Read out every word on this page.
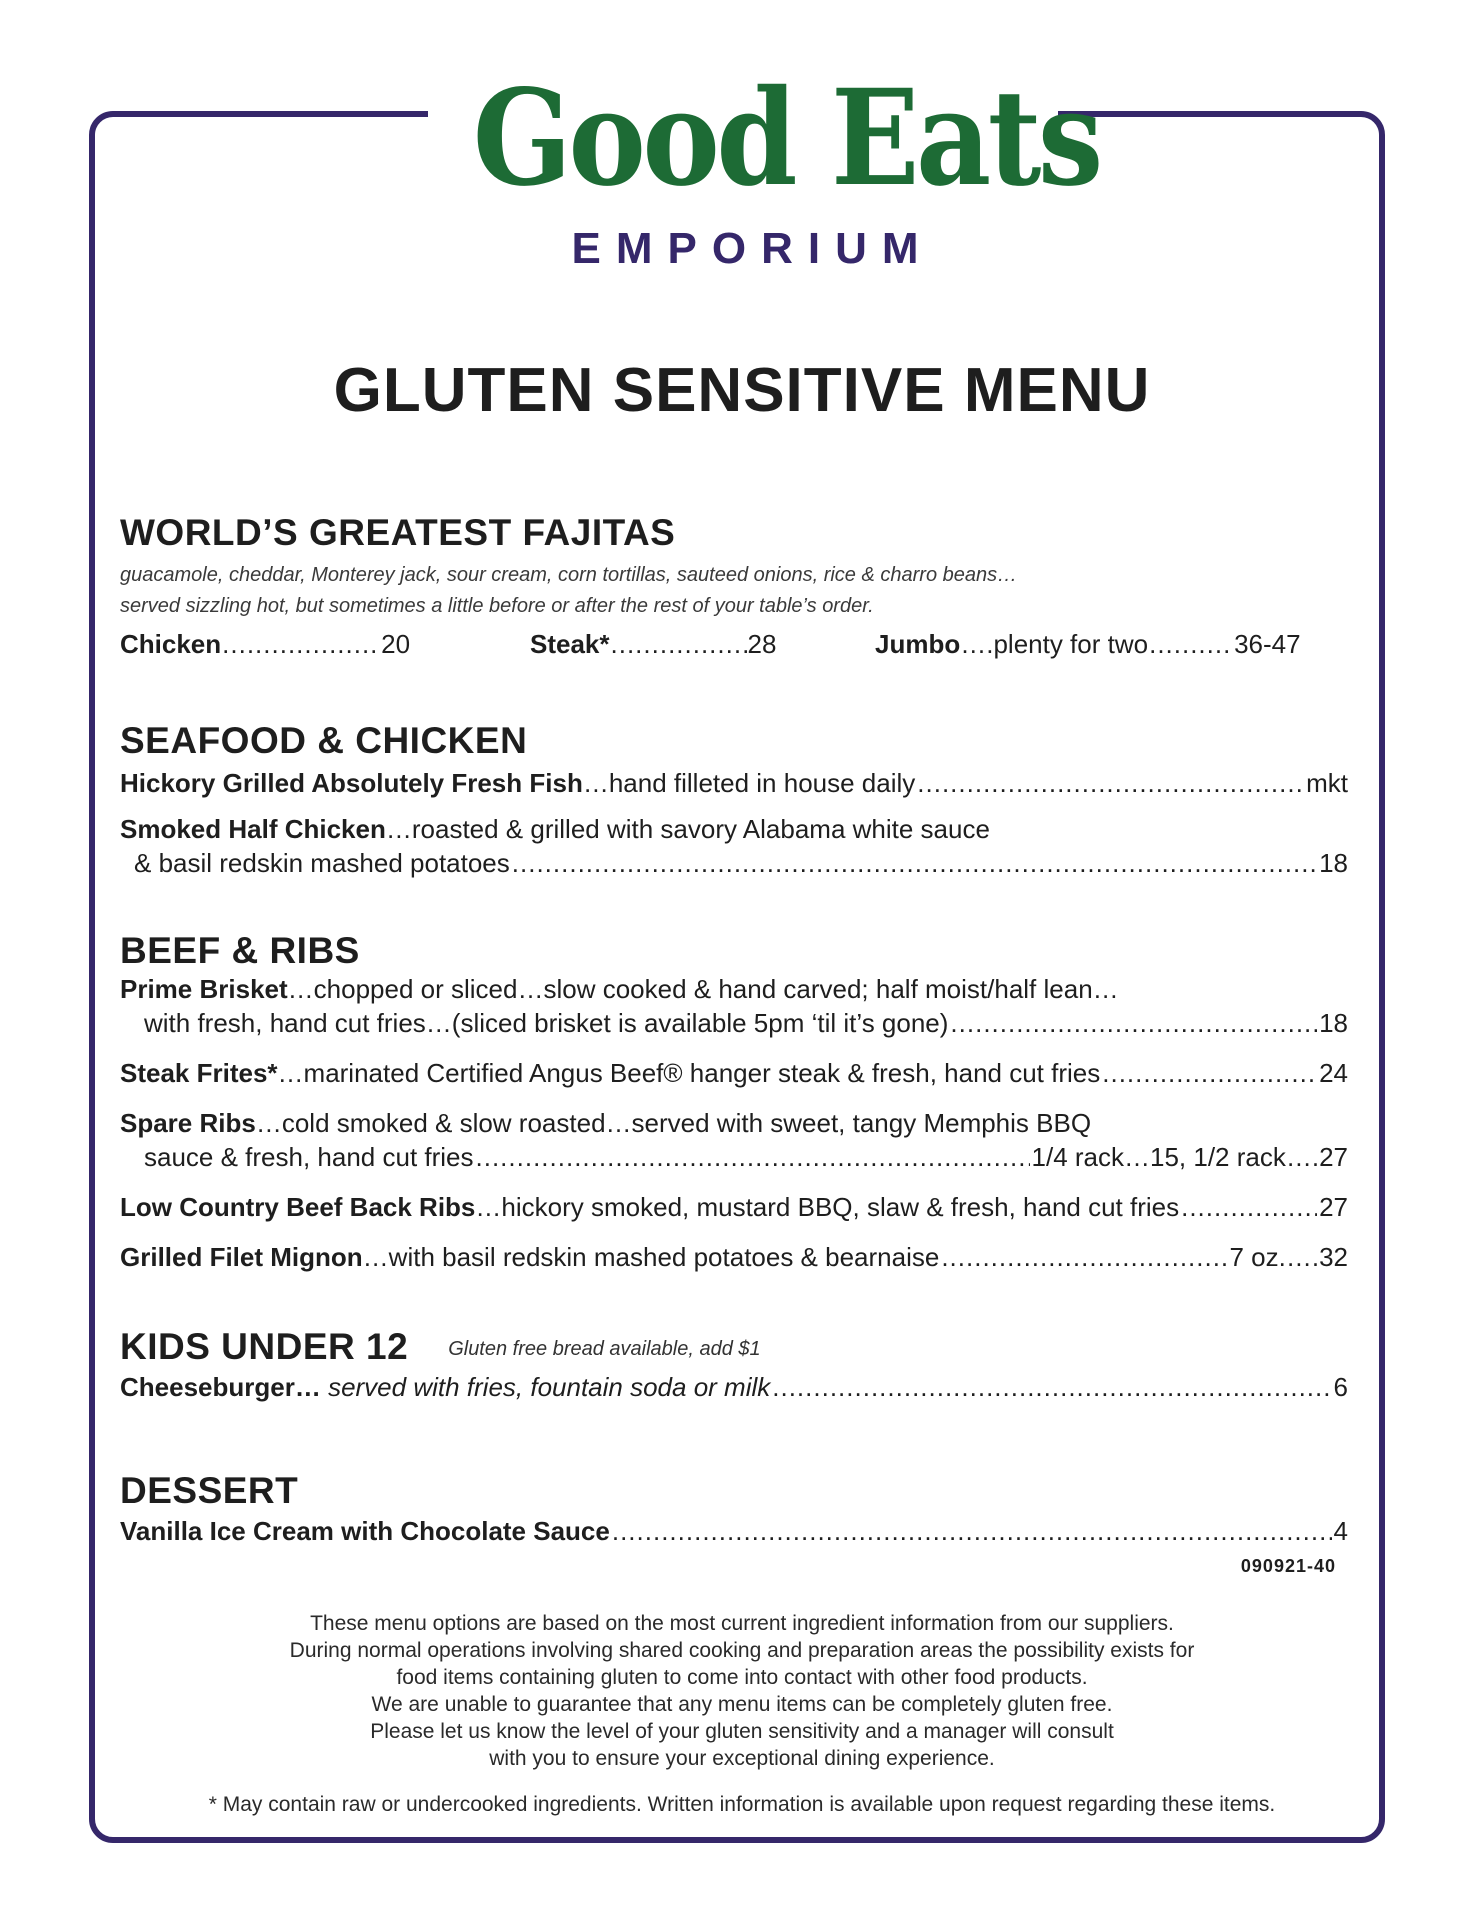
Good Eats
EMPORIUM
GLUTEN SENSITIVE MENU
WORLD’S GREATEST FAJITAS
guacamole, cheddar, Monterey jack, sour cream, corn tortillas, sauteed onions, rice & charro beans…
served sizzling hot, but sometimes a little before or after the rest of your table’s order.
Chicken .....	20	Steak* .....	28	Jumbo ….plenty for two .....	36-47
SEAFOOD & CHICKEN
Hickory Grilled Absolutely Fresh Fish …hand filleted in house daily .....	mkt
Smoked Half Chicken …roasted & grilled with savory Alabama white sauce
& basil redskin mashed potatoes .....	18
BEEF & RIBS
Prime Brisket …chopped or sliced…slow cooked & hand carved; half moist/half lean…
with fresh, hand cut fries…(sliced brisket is available 5pm ‘til it’s gone) .....	18
Steak Frites* …marinated Certified Angus Beef® hanger steak & fresh, hand cut fries .....	24
Spare Ribs …cold smoked & slow roasted…served with sweet, tangy Memphis BBQ
sauce & fresh, hand cut fries .....	1/4 rack…15, 1/2 rack….27
Low Country Beef Back Ribs …hickory smoked, mustard BBQ, slaw & fresh, hand cut fries .....	27
Grilled Filet Mignon …with basil redskin mashed potatoes & bearnaise .....	7 oz.….32
KIDS UNDER 12 Gluten free bread available, add $1
Cheeseburger… served with fries, fountain soda or milk .....	6
DESSERT
Vanilla Ice Cream with Chocolate Sauce .....	4
090921-40
These menu options are based on the most current ingredient information from our suppliers.
During normal operations involving shared cooking and preparation areas the possibility exists for
food items containing gluten to come into contact with other food products.
We are unable to guarantee that any menu items can be completely gluten free.
Please let us know the level of your gluten sensitivity and a manager will consult
with you to ensure your exceptional dining experience.
* May contain raw or undercooked ingredients. Written information is available upon request regarding these items.
